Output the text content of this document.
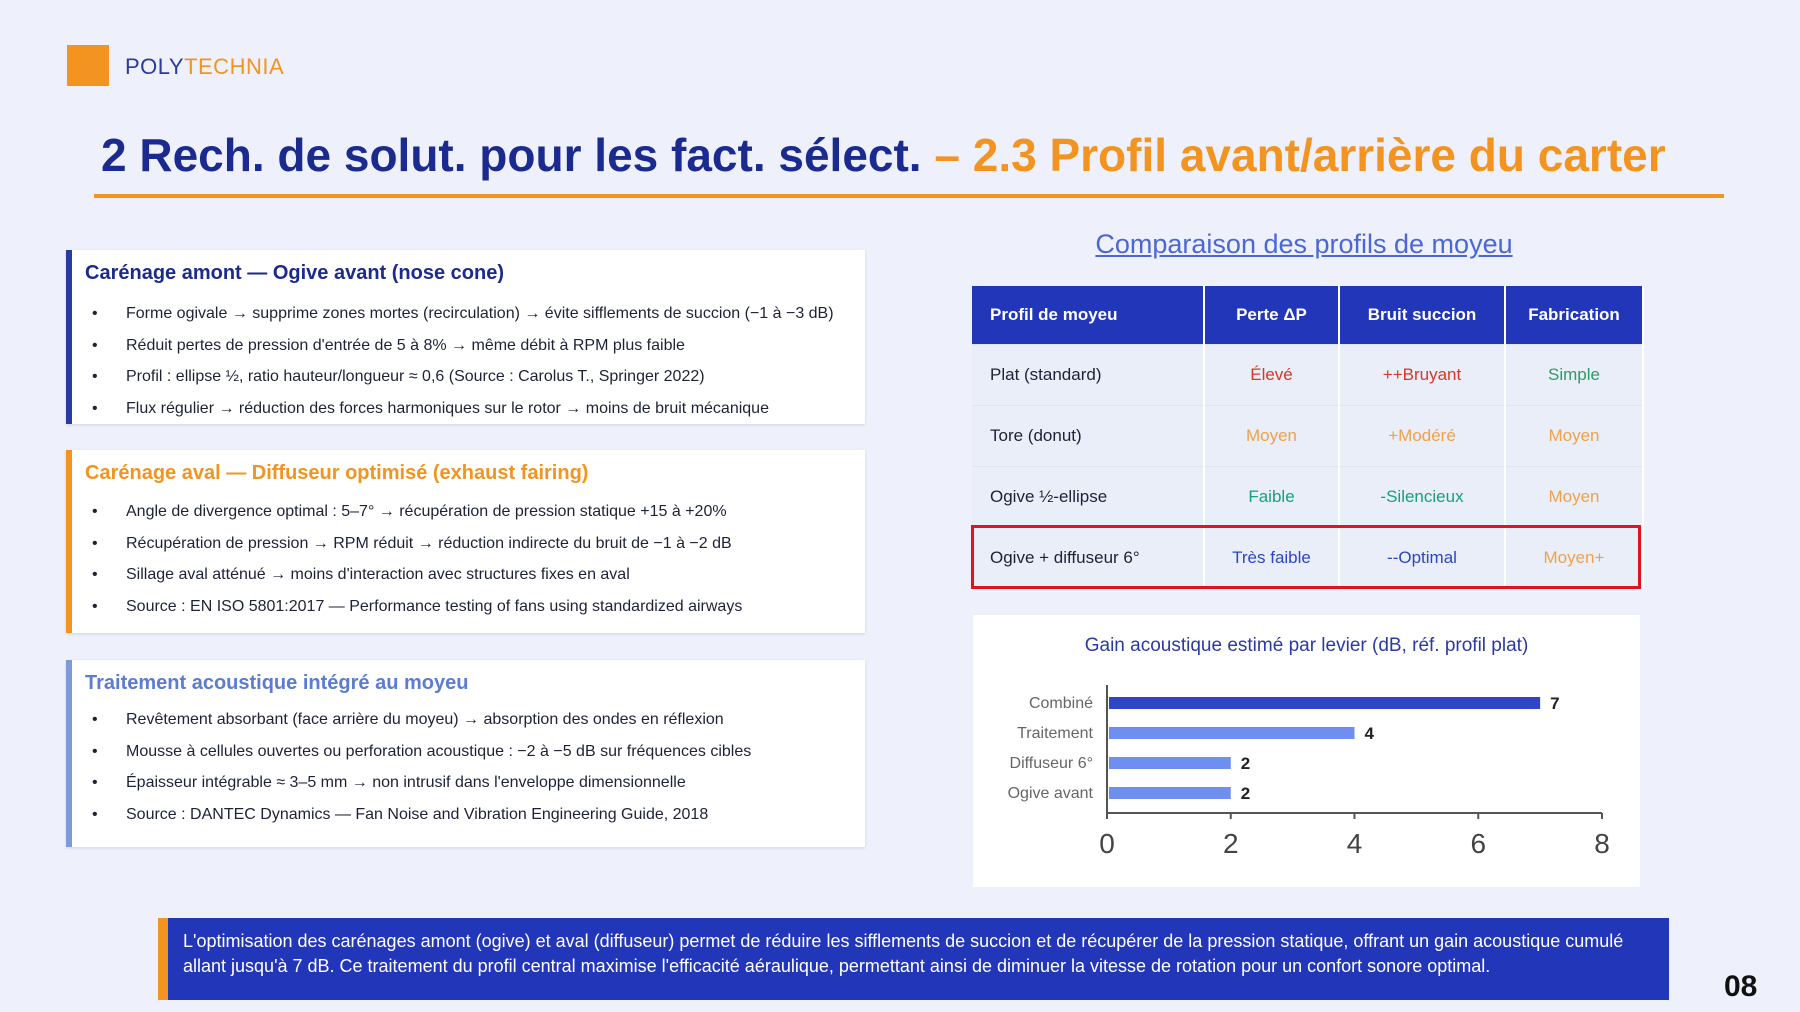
POLYTECHNIA
2 Rech. de solut. pour les fact. sélect. – 2.3 Profil avant/arrière du carter
Carénage amont — Ogive avant (nose cone)
• Forme ogivale → supprime zones mortes (recirculation) → évite sifflements de succion (−1 à −3 dB)
• Réduit pertes de pression d'entrée de 5 à 8% → même débit à RPM plus faible
• Profil : ellipse ½, ratio hauteur/longueur ≈ 0,6 (Source : Carolus T., Springer 2022)
• Flux régulier → réduction des forces harmoniques sur le rotor → moins de bruit mécanique
Carénage aval — Diffuseur optimisé (exhaust fairing)
• Angle de divergence optimal : 5–7° → récupération de pression statique +15 à +20%
• Récupération de pression → RPM réduit → réduction indirecte du bruit de −1 à −2 dB
• Sillage aval atténué → moins d'interaction avec structures fixes en aval
• Source : EN ISO 5801:2017 — Performance testing of fans using standardized airways
Traitement acoustique intégré au moyeu
• Revêtement absorbant (face arrière du moyeu) → absorption des ondes en réflexion
• Mousse à cellules ouvertes ou perforation acoustique : −2 à −5 dB sur fréquences cibles
• Épaisseur intégrable ≈ 3–5 mm → non intrusif dans l'enveloppe dimensionnelle
• Source : DANTEC Dynamics — Fan Noise and Vibration Engineering Guide, 2018
Comparaison des profils de moyeu
Profil de moyeu	Perte ΔP	Bruit succion	Fabrication
Plat (standard)	Élevé	++Bruyant	Simple
Tore (donut)	Moyen	+Modéré	Moyen
Ogive ½-ellipse	Faible	-Silencieux	Moyen
Ogive + diffuseur 6°	Très faible	--Optimal	Moyen+
Gain acoustique estimé par levier (dB, réf. profil plat)
Combiné	7
Traitement	4
Diffuseur 6°	2
Ogive avant	2
0	2	4	6	8
L'optimisation des carénages amont (ogive) et aval (diffuseur) permet de réduire les sifflements de succion et de récupérer de la pression statique, offrant un gain acoustique cumulé allant jusqu'à 7 dB. Ce traitement du profil central maximise l'efficacité aéraulique, permettant ainsi de diminuer la vitesse de rotation pour un confort sonore optimal.
08
